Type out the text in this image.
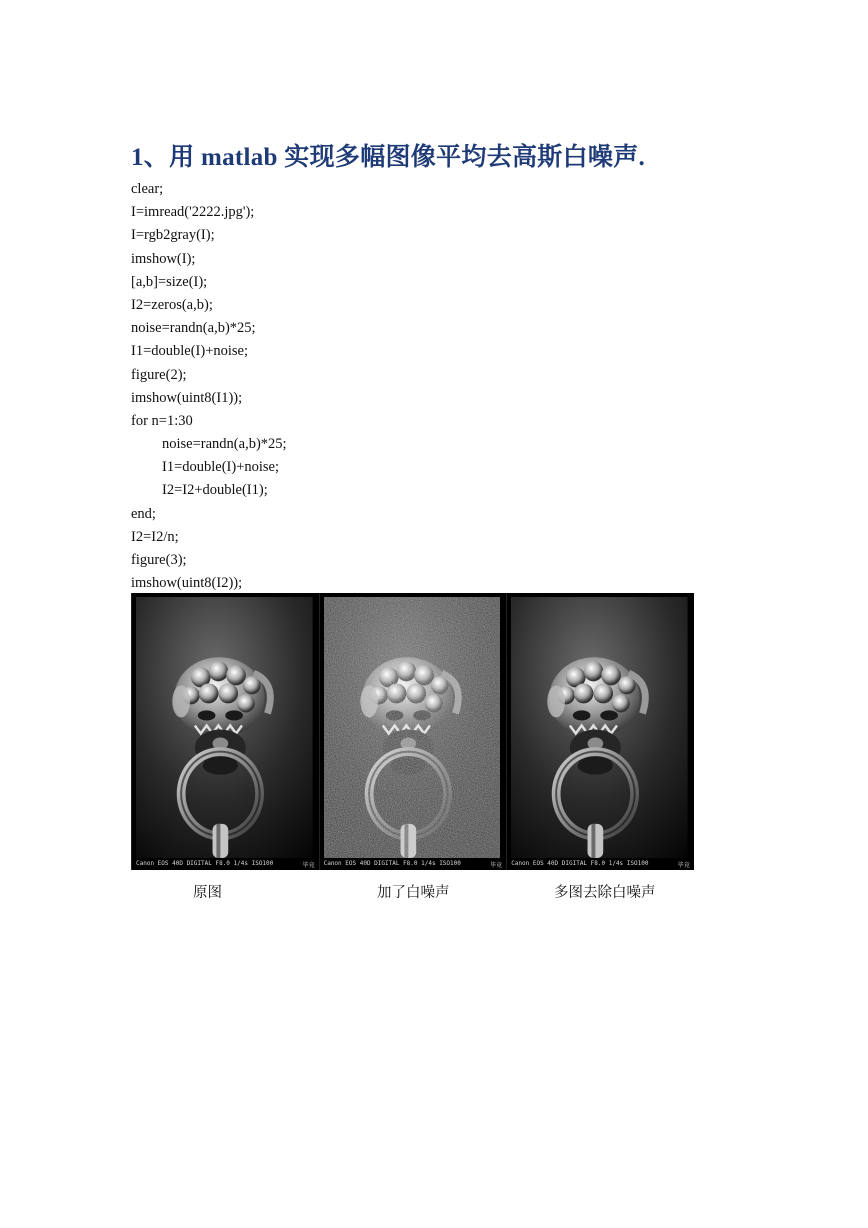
1、用 matlab 实现多幅图像平均去高斯白噪声.
clear;
I=imread('2222.jpg');
I=rgb2gray(I);
imshow(I);
[a,b]=size(I);
I2=zeros(a,b);
noise=randn(a,b)*25;
I1=double(I)+noise;
figure(2);
imshow(uint8(I1));
for n=1:30
noise=randn(a,b)*25;
I1=double(I)+noise;
I2=I2+double(I1);
end;
I2=I2/n;
figure(3);
imshow(uint8(I2));
Canon EOS 40D DIGITAL F8.0 1/4s ISO100	毕竟 Canon EOS 40D DIGITAL F8.0 1/4s ISO100	毕竟 Canon EOS 40D DIGITAL F8.0 1/4s ISO100	毕竟
原图	加了白噪声	多图去除白噪声
